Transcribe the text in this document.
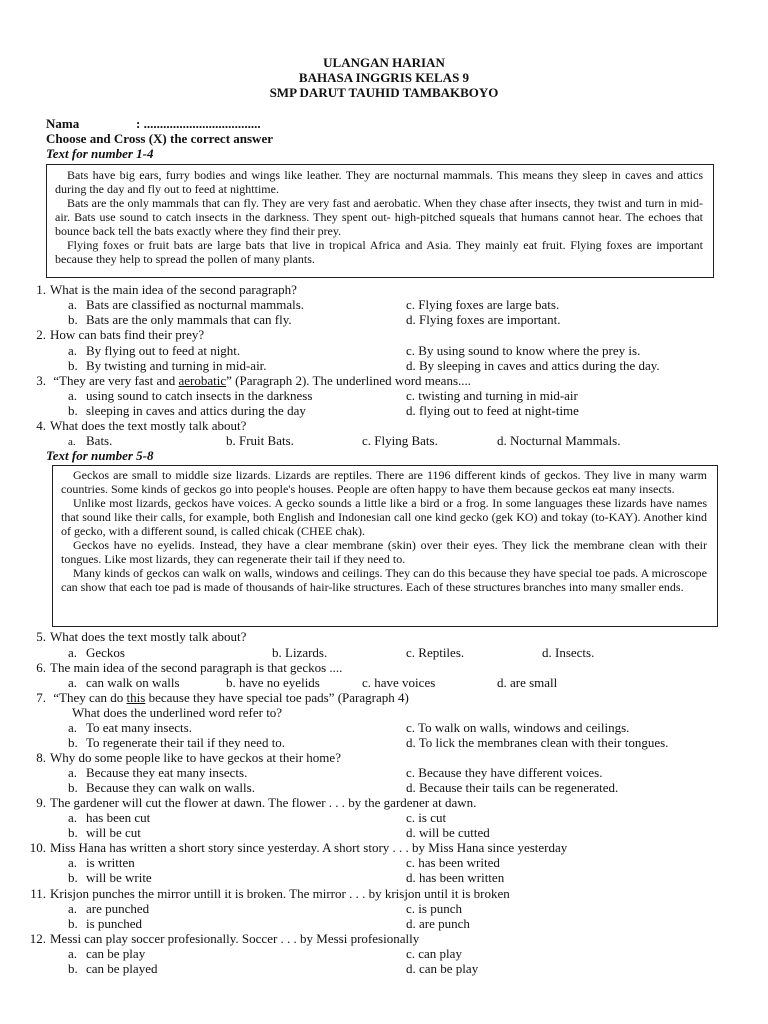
ULANGAN HARIAN
BAHASA INGGRIS KELAS 9
SMP DARUT TAUHID TAMBAKBOYO
Nama	: ....................................
Choose and Cross (X) the correct answer
Text for number 1-4

Bats have big ears, furry bodies and wings like leather. They are nocturnal mammals. This means they sleep in caves and attics during the day and fly out to feed at nighttime.

Bats are the only mammals that can fly. They are very fast and aerobatic. When they chase after insects, they twist and turn in mid-air. Bats use sound to catch insects in the darkness. They spent out- high-pitched squeals that humans cannot hear. The echoes that bounce back tell the bats exactly where they find their prey.

Flying foxes or fruit bats are large bats that live in tropical Africa and Asia. They mainly eat fruit. Flying foxes are important because they help to spread the pollen of many plants.

1. What is the main idea of the second paragraph?
a. Bats are classified as nocturnal mammals.	c. Flying foxes are large bats.
b. Bats are the only mammals that can fly.	d. Flying foxes are important.
2. How can bats find their prey?
a. By flying out to feed at night.	c. By using sound to know where the prey is.
b. By twisting and turning in mid-air.	d. By sleeping in caves and attics during the day.
3. “They are very fast and aerobatic” (Paragraph 2). The underlined word means....
a. using sound to catch insects in the darkness	c. twisting and turning in mid-air
b. sleeping in caves and attics during the day	d. flying out to feed at night-time
4. What does the text mostly talk about?
a. Bats.	b. Fruit Bats.	c. Flying Bats.	d. Nocturnal Mammals.
Text for number 5-8

Geckos are small to middle size lizards. Lizards are reptiles. There are 1196 different kinds of geckos. They live in many warm countries. Some kinds of geckos go into people's houses. People are often happy to have them because geckos eat many insects.

Unlike most lizards, geckos have voices. A gecko sounds a little like a bird or a frog. In some languages these lizards have names that sound like their calls, for example, both English and Indonesian call one kind gecko (gek KO) and tokay (to-KAY). Another kind of gecko, with a different sound, is called chicak (CHEE chak).

Geckos have no eyelids. Instead, they have a clear membrane (skin) over their eyes. They lick the membrane clean with their tongues. Like most lizards, they can regenerate their tail if they need to.

Many kinds of geckos can walk on walls, windows and ceilings. They can do this because they have special toe pads. A microscope can show that each toe pad is made of thousands of hair-like structures. Each of these structures branches into many smaller ends.

5. What does the text mostly talk about?
a. Geckos	b. Lizards.	c. Reptiles.	d. Insects.
6. The main idea of the second paragraph is that geckos ....
a. can walk on walls	b. have no eyelids	c. have voices	d. are small
7. “They can do this because they have special toe pads” (Paragraph 4)
What does the underlined word refer to?
a. To eat many insects.	c. To walk on walls, windows and ceilings.
b. To regenerate their tail if they need to.	d. To lick the membranes clean with their tongues.
8. Why do some people like to have geckos at their home?
a. Because they eat many insects.	c. Because they have different voices.
b. Because they can walk on walls.	d. Because their tails can be regenerated.
9. The gardener will cut the flower at dawn. The flower . . . by the gardener at dawn.
a. has been cut	c. is cut
b. will be cut	d. will be cutted
10. Miss Hana has written a short story since yesterday. A short story . . . by Miss Hana since yesterday
a. is written	c. has been writed
b. will be write	d. has been written
11. Krisjon punches the mirror untill it is broken. The mirror . . . by krisjon until it is broken
a. are punched	c. is punch
b. is punched	d. are punch
12. Messi can play soccer profesionally. Soccer . . . by Messi profesionally
a. can be play	c. can play
b. can be played	d. can be play
